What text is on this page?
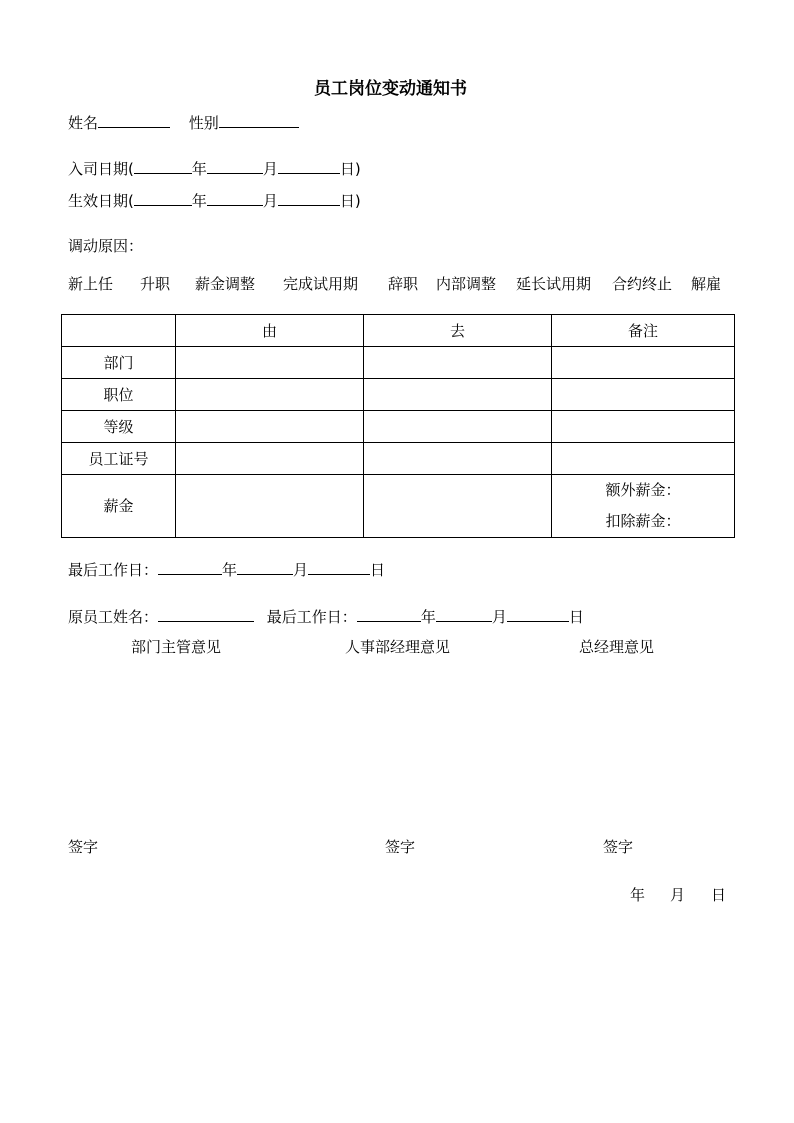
员工岗位变动通知书
姓名	性别
入司日期(	年	月	日)
生效日期(	年	月	日)
调动原因：
新上任 升职 薪金调整 完成试用期 辞职 内部调整 延长试用期 合约终止 解雇
	由	去	备注
部门			
职位			
等级			
员工证号			
薪金			额外薪金：
扣除薪金：
最后工作日：	年	月	日
原员工姓名：	最后工作日：	年	月	日
部门主管意见	人事部经理意见	总经理意见
签字	签字	签字
年 月 日
